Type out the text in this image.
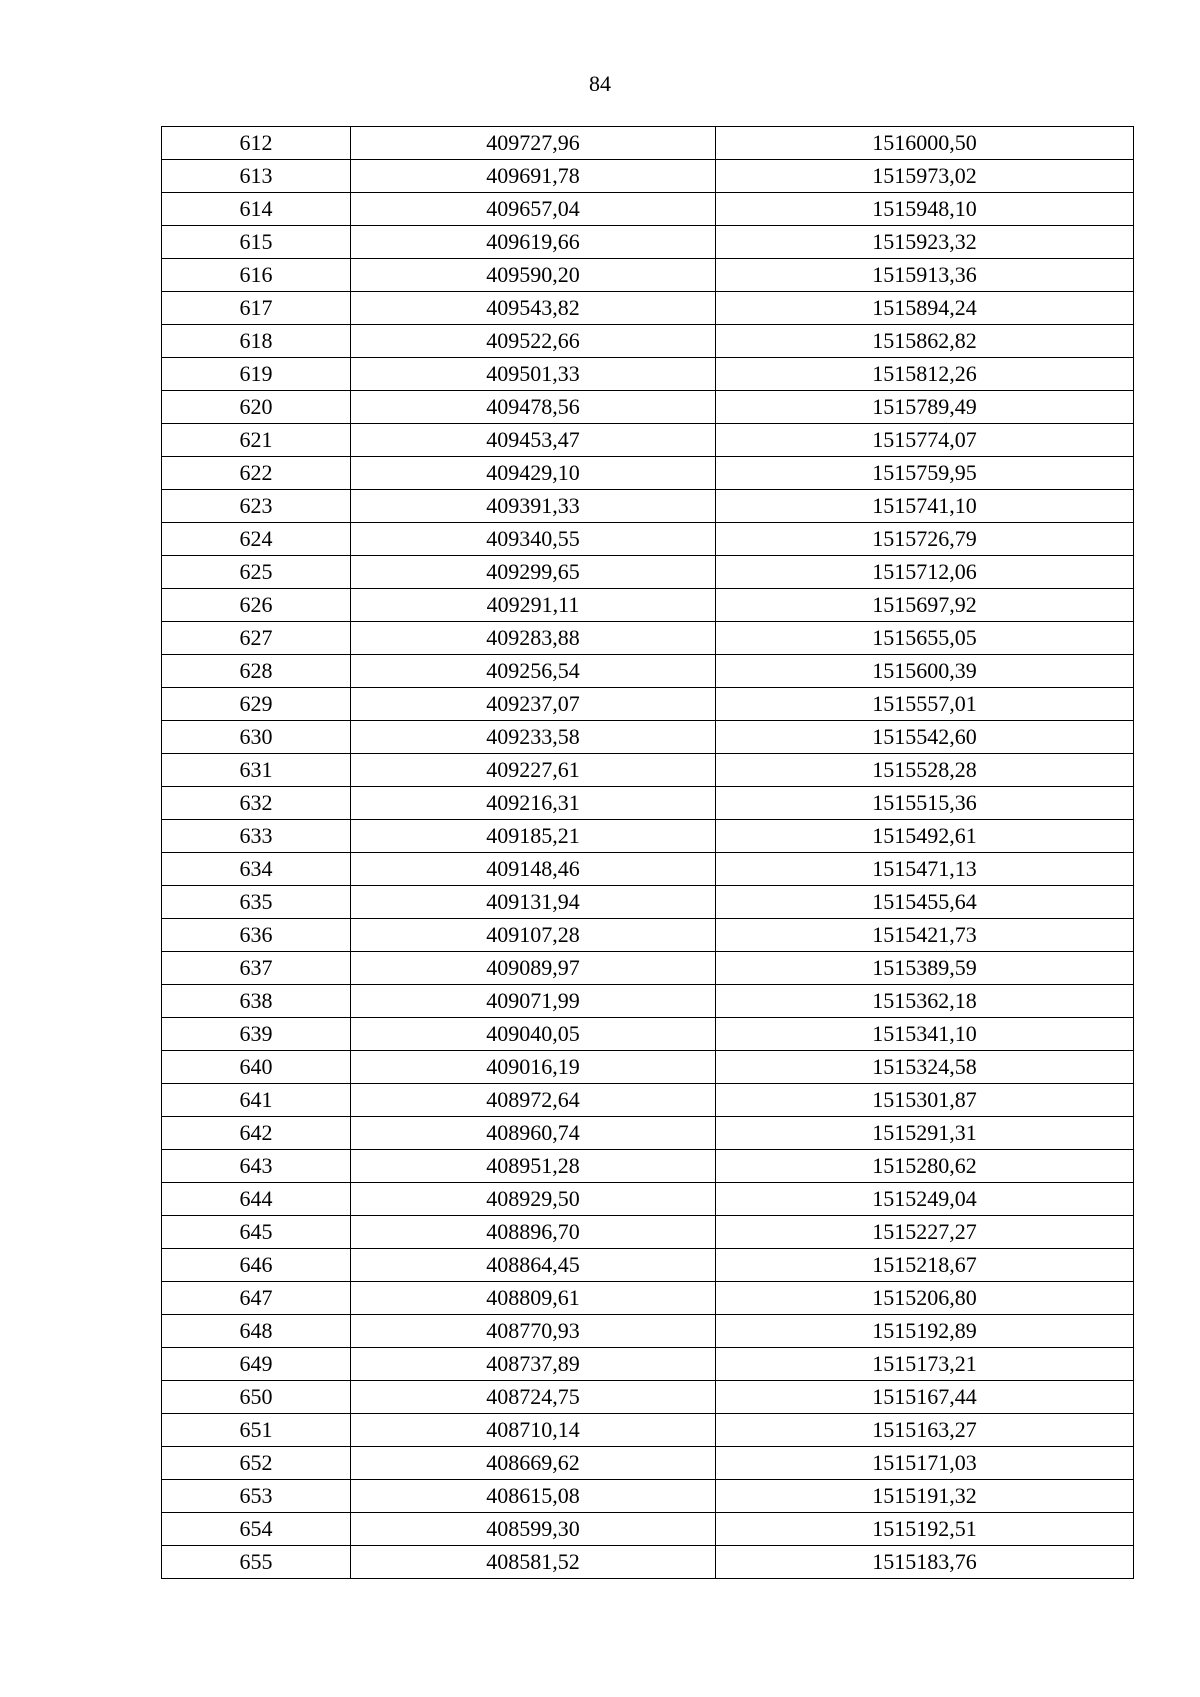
84
612	409727,96	1516000,50
613	409691,78	1515973,02
614	409657,04	1515948,10
615	409619,66	1515923,32
616	409590,20	1515913,36
617	409543,82	1515894,24
618	409522,66	1515862,82
619	409501,33	1515812,26
620	409478,56	1515789,49
621	409453,47	1515774,07
622	409429,10	1515759,95
623	409391,33	1515741,10
624	409340,55	1515726,79
625	409299,65	1515712,06
626	409291,11	1515697,92
627	409283,88	1515655,05
628	409256,54	1515600,39
629	409237,07	1515557,01
630	409233,58	1515542,60
631	409227,61	1515528,28
632	409216,31	1515515,36
633	409185,21	1515492,61
634	409148,46	1515471,13
635	409131,94	1515455,64
636	409107,28	1515421,73
637	409089,97	1515389,59
638	409071,99	1515362,18
639	409040,05	1515341,10
640	409016,19	1515324,58
641	408972,64	1515301,87
642	408960,74	1515291,31
643	408951,28	1515280,62
644	408929,50	1515249,04
645	408896,70	1515227,27
646	408864,45	1515218,67
647	408809,61	1515206,80
648	408770,93	1515192,89
649	408737,89	1515173,21
650	408724,75	1515167,44
651	408710,14	1515163,27
652	408669,62	1515171,03
653	408615,08	1515191,32
654	408599,30	1515192,51
655	408581,52	1515183,76
